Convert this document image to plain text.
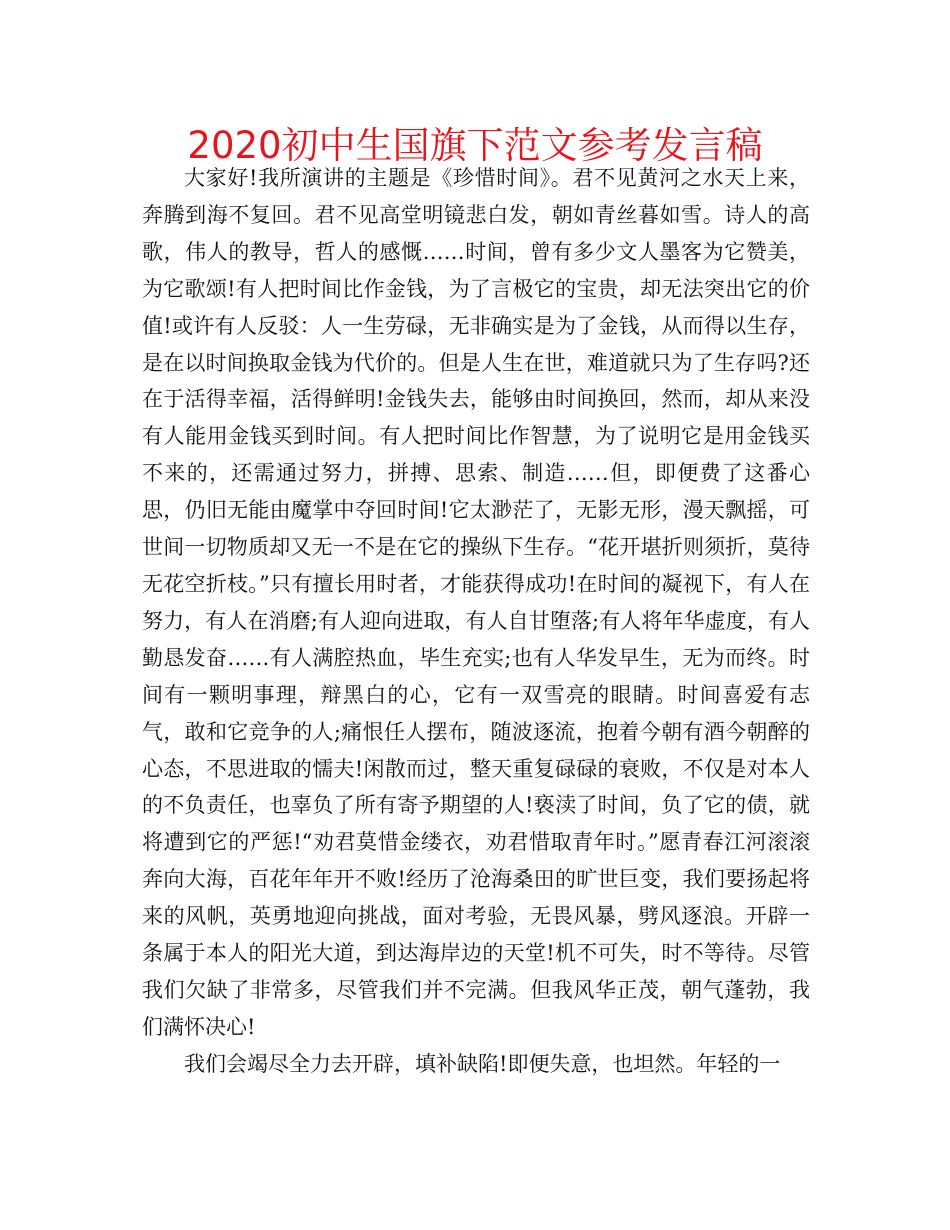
2020初中生国旗下范文参考发言稿

大家好!我所演讲的主题是《珍惜时间》。君不见黄河之水天上来，奔腾到海不复回。君不见高堂明镜悲白发，朝如青丝暮如雪。诗人的高歌，伟人的教导，哲人的感慨……时间，曾有多少文人墨客为它赞美，为它歌颂!有人把时间比作金钱，为了言极它的宝贵，却无法突出它的价值!或许有人反驳：人一生劳碌，无非确实是为了金钱，从而得以生存，是在以时间换取金钱为代价的。但是人生在世，难道就只为了生存吗?还在于活得幸福，活得鲜明!金钱失去，能够由时间换回，然而，却从来没有人能用金钱买到时间。有人把时间比作智慧，为了说明它是用金钱买不来的，还需通过努力，拼搏、思索、制造……但，即便费了这番心思，仍旧无能由魔掌中夺回时间!它太渺茫了，无影无形，漫天飘摇，可世间一切物质却又无一不是在它的操纵下生存。“花开堪折则须折，莫待无花空折枝。”只有擅长用时者，才能获得成功!在时间的凝视下，有人在努力，有人在消磨;有人迎向进取，有人自甘堕落;有人将年华虚度，有人勤恳发奋……有人满腔热血，毕生充实;也有人华发早生，无为而终。时间有一颗明事理，辩黑白的心，它有一双雪亮的眼睛。时间喜爱有志气，敢和它竞争的人;痛恨任人摆布，随波逐流，抱着今朝有酒今朝醉的心态，不思进取的懦夫!闲散而过，整天重复碌碌的衰败，不仅是对本人的不负责任，也辜负了所有寄予期望的人!亵渎了时间，负了它的债，就将遭到它的严惩!“劝君莫惜金缕衣，劝君惜取青年时。”愿青春江河滚滚奔向大海，百花年年开不败!经历了沧海桑田的旷世巨变，我们要扬起将来的风帆，英勇地迎向挑战，面对考验，无畏风暴，劈风逐浪。开辟一条属于本人的阳光大道，到达海岸边的天堂!机不可失，时不等待。尽管我们欠缺了非常多，尽管我们并不完满。但我风华正茂，朝气蓬勃，我们满怀决心!

我们会竭尽全力去开辟，填补缺陷!即便失意，也坦然。年轻的一
